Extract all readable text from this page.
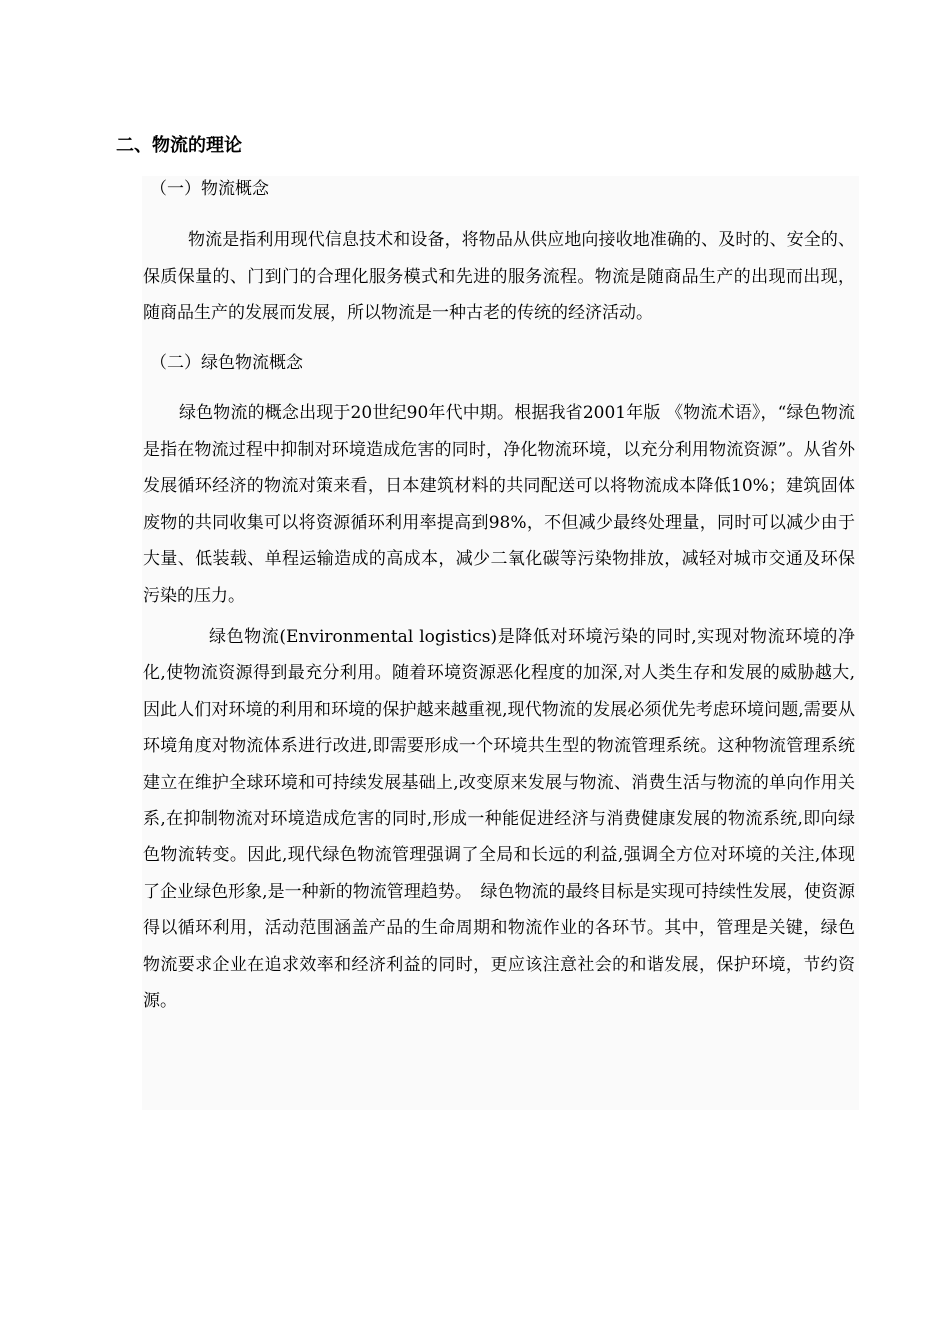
二、物流的理论
（一）物流概念

物流是指利用现代信息技术和设备，将物品从供应地向接收地准确的、及时的、安全的、保质保量的、门到门的合理化服务模式和先进的服务流程。物流是随商品生产的出现而出现，随商品生产的发展而发展，所以物流是一种古老的传统的经济活动。

（二）绿色物流概念

绿色物流的概念出现于20世纪90年代中期。根据我省2001年版 《物流术语》，“绿色物流是指在物流过程中抑制对环境造成危害的同时，净化物流环境，以充分利用物流资源”。从省外发展循环经济的物流对策来看，日本建筑材料的共同配送可以将物流成本降低10%；建筑固体废物的共同收集可以将资源循环利用率提高到98%，不但减少最终处理量，同时可以减少由于大量、低装载、单程运输造成的高成本，减少二氧化碳等污染物排放，减轻对城市交通及环保污染的压力。

绿色物流(Environmental logistics)是降低对环境污染的同时,实现对物流环境的净化,使物流资源得到最充分利用。随着环境资源恶化程度的加深,对人类生存和发展的威胁越大,因此人们对环境的利用和环境的保护越来越重视,现代物流的发展必须优先考虑环境问题,需要从环境角度对物流体系进行改进,即需要形成一个环境共生型的物流管理系统。这种物流管理系统建立在维护全球环境和可持续发展基础上,改变原来发展与物流、消费生活与物流的单向作用关系,在抑制物流对环境造成危害的同时,形成一种能促进经济与消费健康发展的物流系统,即向绿色物流转变。因此,现代绿色物流管理强调了全局和长远的利益,强调全方位对环境的关注,体现了企业绿色形象,是一种新的物流管理趋势。　绿色物流的最终目标是实现可持续性发展，使资源得以循环利用，活动范围涵盖产品的生命周期和物流作业的各环节。其中，管理是关键，绿色物流要求企业在追求效率和经济利益的同时，更应该注意社会的和谐发展，保护环境，节约资源。
